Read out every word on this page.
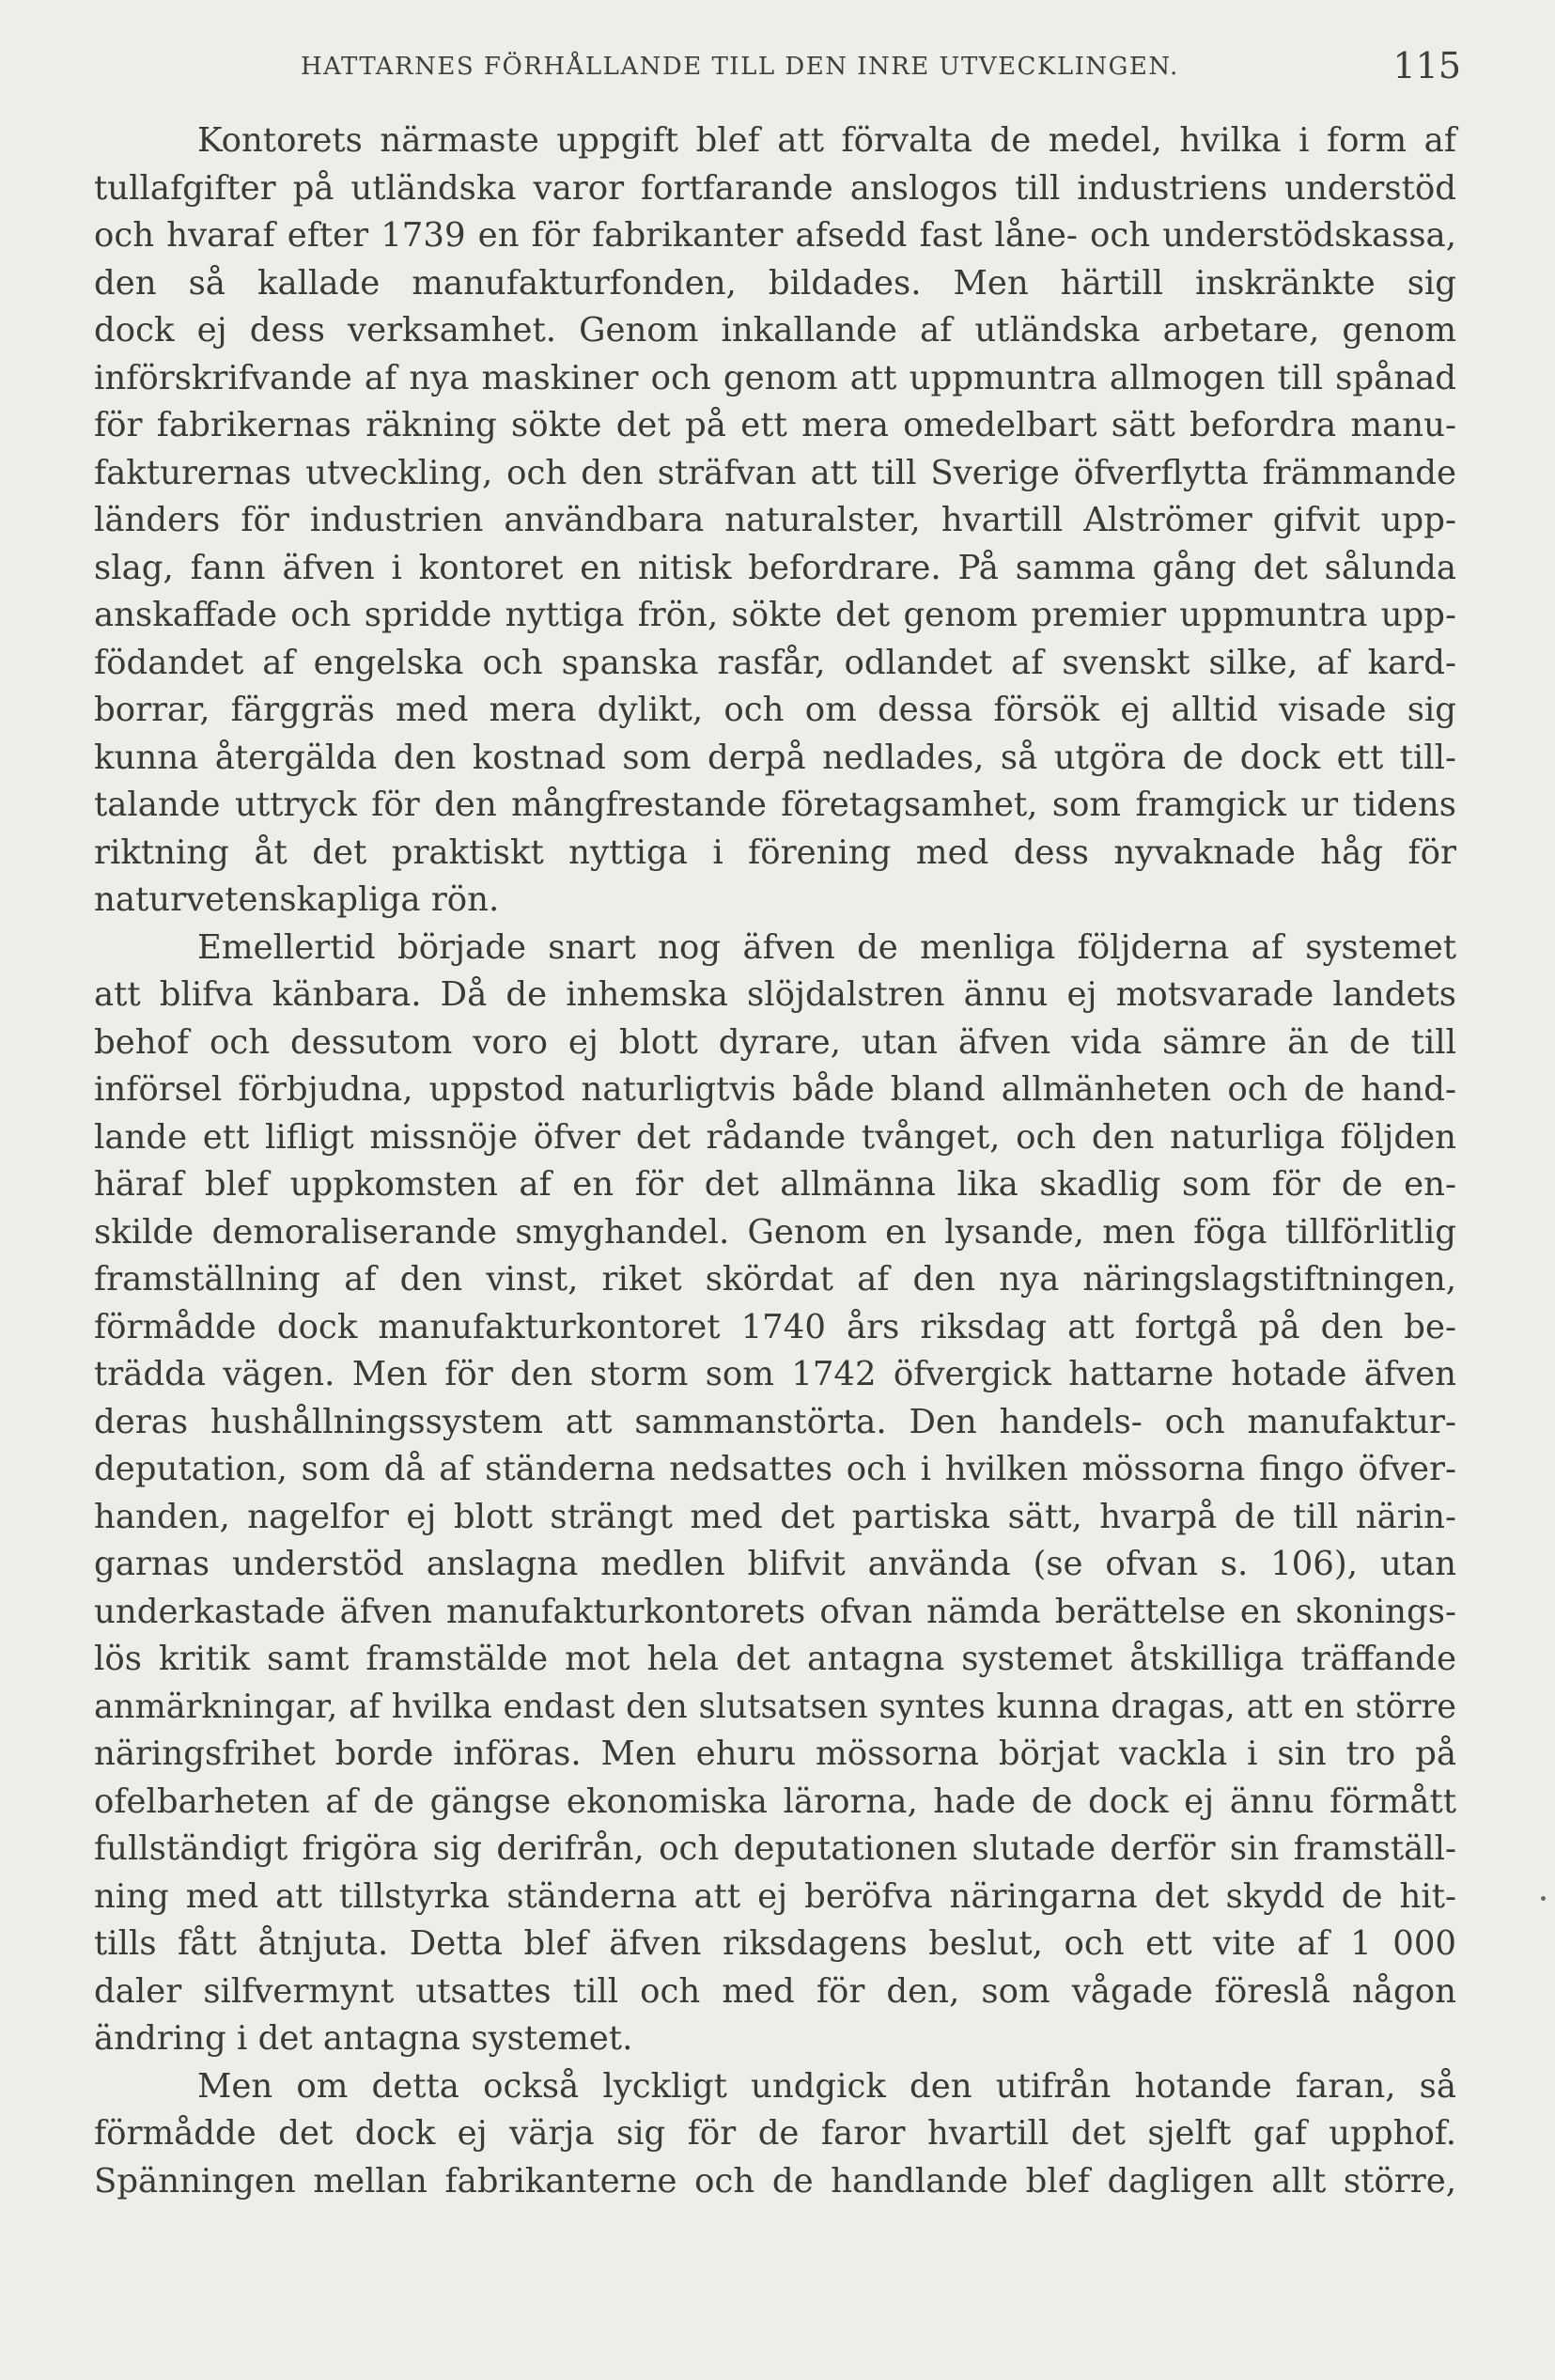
HATTARNES FÖRHÅLLANDE TILL DEN INRE UTVECKLINGEN.	115
Kontorets närmaste uppgift blef att förvalta de medel, hvilka i form af
tullafgifter på utländska varor fortfarande anslogos till industriens understöd
och hvaraf efter 1739 en för fabrikanter afsedd fast låne- och understödskassa,
den så kallade manufakturfonden, bildades. Men härtill inskränkte sig
dock ej dess verksamhet. Genom inkallande af utländska arbetare, genom
införskrifvande af nya maskiner och genom att uppmuntra allmogen till spånad
för fabrikernas räkning sökte det på ett mera omedelbart sätt befordra manu-
fakturernas utveckling, och den sträfvan att till Sverige öfverflytta främmande
länders för industrien användbara naturalster, hvartill Alströmer gifvit upp-
slag, fann äfven i kontoret en nitisk befordrare. På samma gång det sålunda
anskaffade och spridde nyttiga frön, sökte det genom premier uppmuntra upp-
födandet af engelska och spanska rasfår, odlandet af svenskt silke, af kard-
borrar, färggräs med mera dylikt, och om dessa försök ej alltid visade sig
kunna återgälda den kostnad som derpå nedlades, så utgöra de dock ett till-
talande uttryck för den mångfrestande företagsamhet, som framgick ur tidens
riktning åt det praktiskt nyttiga i förening med dess nyvaknade håg för
naturvetenskapliga rön.
Emellertid började snart nog äfven de menliga följderna af systemet
att blifva känbara. Då de inhemska slöjdalstren ännu ej motsvarade landets
behof och dessutom voro ej blott dyrare, utan äfven vida sämre än de till
införsel förbjudna, uppstod naturligtvis både bland allmänheten och de hand-
lande ett lifligt missnöje öfver det rådande tvånget, och den naturliga följden
häraf blef uppkomsten af en för det allmänna lika skadlig som för de en-
skilde demoraliserande smyghandel. Genom en lysande, men föga tillförlitlig
framställning af den vinst, riket skördat af den nya näringslagstiftningen,
förmådde dock manufakturkontoret 1740 års riksdag att fortgå på den be-
trädda vägen. Men för den storm som 1742 öfvergick hattarne hotade äfven
deras hushållningssystem att sammanstörta. Den handels- och manufaktur-
deputation, som då af ständerna nedsattes och i hvilken mössorna fingo öfver-
handen, nagelfor ej blott strängt med det partiska sätt, hvarpå de till närin-
garnas understöd anslagna medlen blifvit använda (se ofvan s. 106), utan
underkastade äfven manufakturkontorets ofvan nämda berättelse en skonings-
lös kritik samt framstälde mot hela det antagna systemet åtskilliga träffande
anmärkningar, af hvilka endast den slutsatsen syntes kunna dragas, att en större
näringsfrihet borde införas. Men ehuru mössorna börjat vackla i sin tro på
ofelbarheten af de gängse ekonomiska lärorna, hade de dock ej ännu förmått
fullständigt frigöra sig derifrån, och deputationen slutade derför sin framställ-
ning med att tillstyrka ständerna att ej beröfva näringarna det skydd de hit-
tills fått åtnjuta. Detta blef äfven riksdagens beslut, och ett vite af 1 000
daler silfvermynt utsattes till och med för den, som vågade föreslå någon
ändring i det antagna systemet.
Men om detta också lyckligt undgick den utifrån hotande faran, så
förmådde det dock ej värja sig för de faror hvartill det sjelft gaf upphof.
Spänningen mellan fabrikanterne och de handlande blef dagligen allt större,
